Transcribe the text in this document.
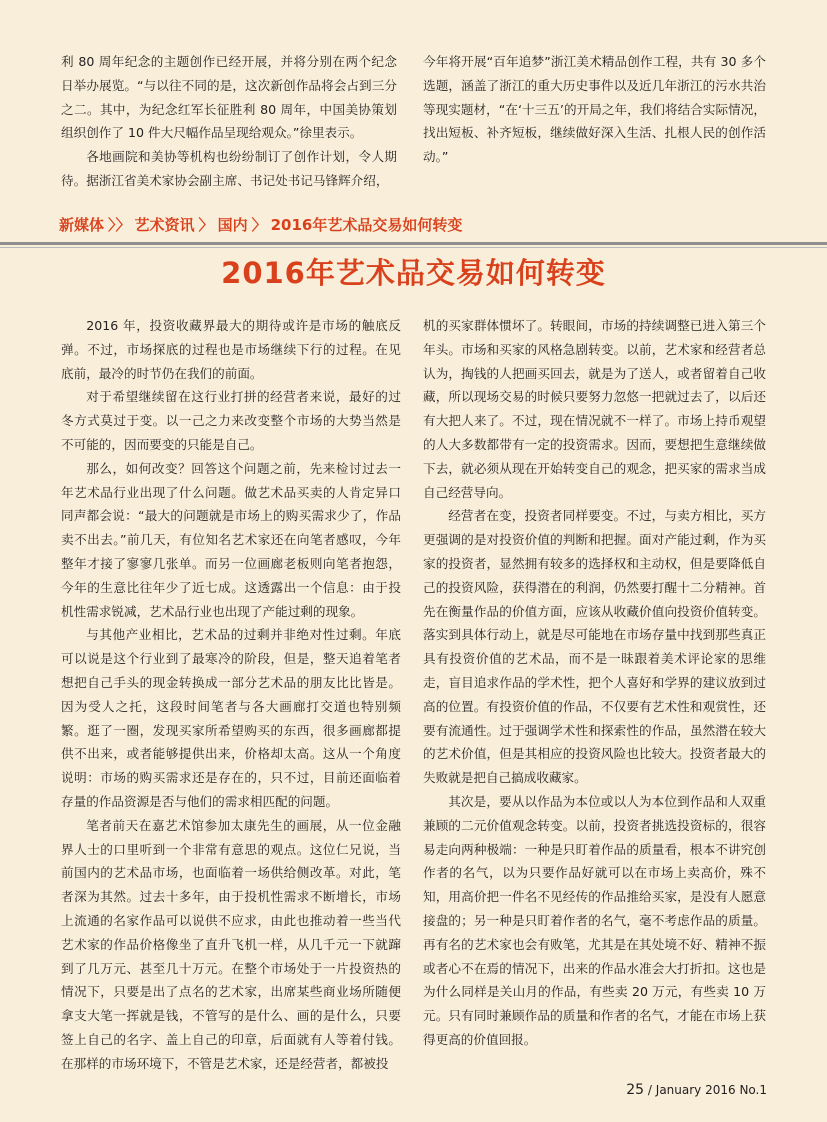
利 80 周年纪念的主题创作已经开展，并将分别在两个纪念日举办展览。“与以往不同的是，这次新创作品将会占到三分之二。其中，为纪念红军长征胜利 80 周年，中国美协策划组织创作了 10 件大尺幅作品呈现给观众。”徐里表示。

各地画院和美协等机构也纷纷制订了创作计划，令人期待。据浙江省美术家协会副主席、书记处书记马锋辉介绍，

今年将开展“百年追梦”浙江美术精品创作工程，共有 30 多个选题，涵盖了浙江的重大历史事件以及近几年浙江的污水共治等现实题材，“在‘十三五’的开局之年，我们将结合实际情况，找出短板、补齐短板，继续做好深入生活、扎根人民的创作活动。”

新媒体 〉〉 艺术资讯 〉 国内 〉 2016年艺术品交易如何转变
2016年艺术品交易如何转变

2016 年，投资收藏界最大的期待或许是市场的触底反弹。不过，市场探底的过程也是市场继续下行的过程。在见底前，最冷的时节仍在我们的前面。

对于希望继续留在这行业打拼的经营者来说，最好的过冬方式莫过于变。以一己之力来改变整个市场的大势当然是不可能的，因而要变的只能是自己。

那么，如何改变？回答这个问题之前，先来检讨过去一年艺术品行业出现了什么问题。做艺术品买卖的人肯定异口同声都会说：“最大的问题就是市场上的购买需求少了，作品卖不出去。”前几天，有位知名艺术家还在向笔者感叹，今年整年才接了寥寥几张单。而另一位画廊老板则向笔者抱怨，今年的生意比往年少了近七成。这透露出一个信息：由于投机性需求锐减，艺术品行业也出现了产能过剩的现象。

与其他产业相比，艺术品的过剩并非绝对性过剩。年底可以说是这个行业到了最寒冷的阶段，但是，整天追着笔者想把自己手头的现金转换成一部分艺术品的朋友比比皆是。因为受人之托，这段时间笔者与各大画廊打交道也特别频繁。逛了一圈，发现买家所希望购买的东西，很多画廊都提供不出来，或者能够提供出来，价格却太高。这从一个角度说明：市场的购买需求还是存在的，只不过，目前还面临着存量的作品资源是否与他们的需求相匹配的问题。

笔者前天在嘉艺术馆参加太康先生的画展，从一位金融界人士的口里听到一个非常有意思的观点。这位仁兄说，当前国内的艺术品市场，也面临着一场供给侧改革。对此，笔者深为其然。过去十多年，由于投机性需求不断增长，市场上流通的名家作品可以说供不应求，由此也推动着一些当代艺术家的作品价格像坐了直升飞机一样，从几千元一下就蹿到了几万元、甚至几十万元。在整个市场处于一片投资热的情况下，只要是出了点名的艺术家，出席某些商业场所随便拿支大笔一挥就是钱，不管写的是什么、画的是什么，只要签上自己的名字、盖上自己的印章，后面就有人等着付钱。在那样的市场环境下，不管是艺术家，还是经营者，都被投

机的买家群体惯坏了。转眼间，市场的持续调整已进入第三个年头。市场和买家的风格急剧转变。以前，艺术家和经营者总认为，掏钱的人把画买回去，就是为了送人，或者留着自己收藏，所以现场交易的时候只要努力忽悠一把就过去了，以后还有大把人来了。不过，现在情况就不一样了。市场上持币观望的人大多数都带有一定的投资需求。因而，要想把生意继续做下去，就必须从现在开始转变自己的观念，把买家的需求当成自己经营导向。

经营者在变，投资者同样要变。不过，与卖方相比，买方更强调的是对投资价值的判断和把握。面对产能过剩，作为买家的投资者，显然拥有较多的选择权和主动权，但是要降低自己的投资风险，获得潜在的利润，仍然要打醒十二分精神。首先在衡量作品的价值方面，应该从收藏价值向投资价值转变。落实到具体行动上，就是尽可能地在市场存量中找到那些真正具有投资价值的艺术品，而不是一昧跟着美术评论家的思维走，盲目追求作品的学术性，把个人喜好和学界的建议放到过高的位置。有投资价值的作品，不仅要有艺术性和观赏性，还要有流通性。过于强调学术性和探索性的作品，虽然潜在较大的艺术价值，但是其相应的投资风险也比较大。投资者最大的失败就是把自己搞成收藏家。

其次是，要从以作品为本位或以人为本位到作品和人双重兼顾的二元价值观念转变。以前，投资者挑选投资标的，很容易走向两种极端：一种是只盯着作品的质量看，根本不讲究创作者的名气，以为只要作品好就可以在市场上卖高价，殊不知，用高价把一件名不见经传的作品推给买家，是没有人愿意接盘的；另一种是只盯着作者的名气，毫不考虑作品的质量。再有名的艺术家也会有败笔，尤其是在其处境不好、精神不振或者心不在焉的情况下，出来的作品水准会大打折扣。这也是为什么同样是关山月的作品，有些卖 20 万元，有些卖 10 万元。只有同时兼顾作品的质量和作者的名气，才能在市场上获得更高的价值回报。

25 / January 2016 No.1
